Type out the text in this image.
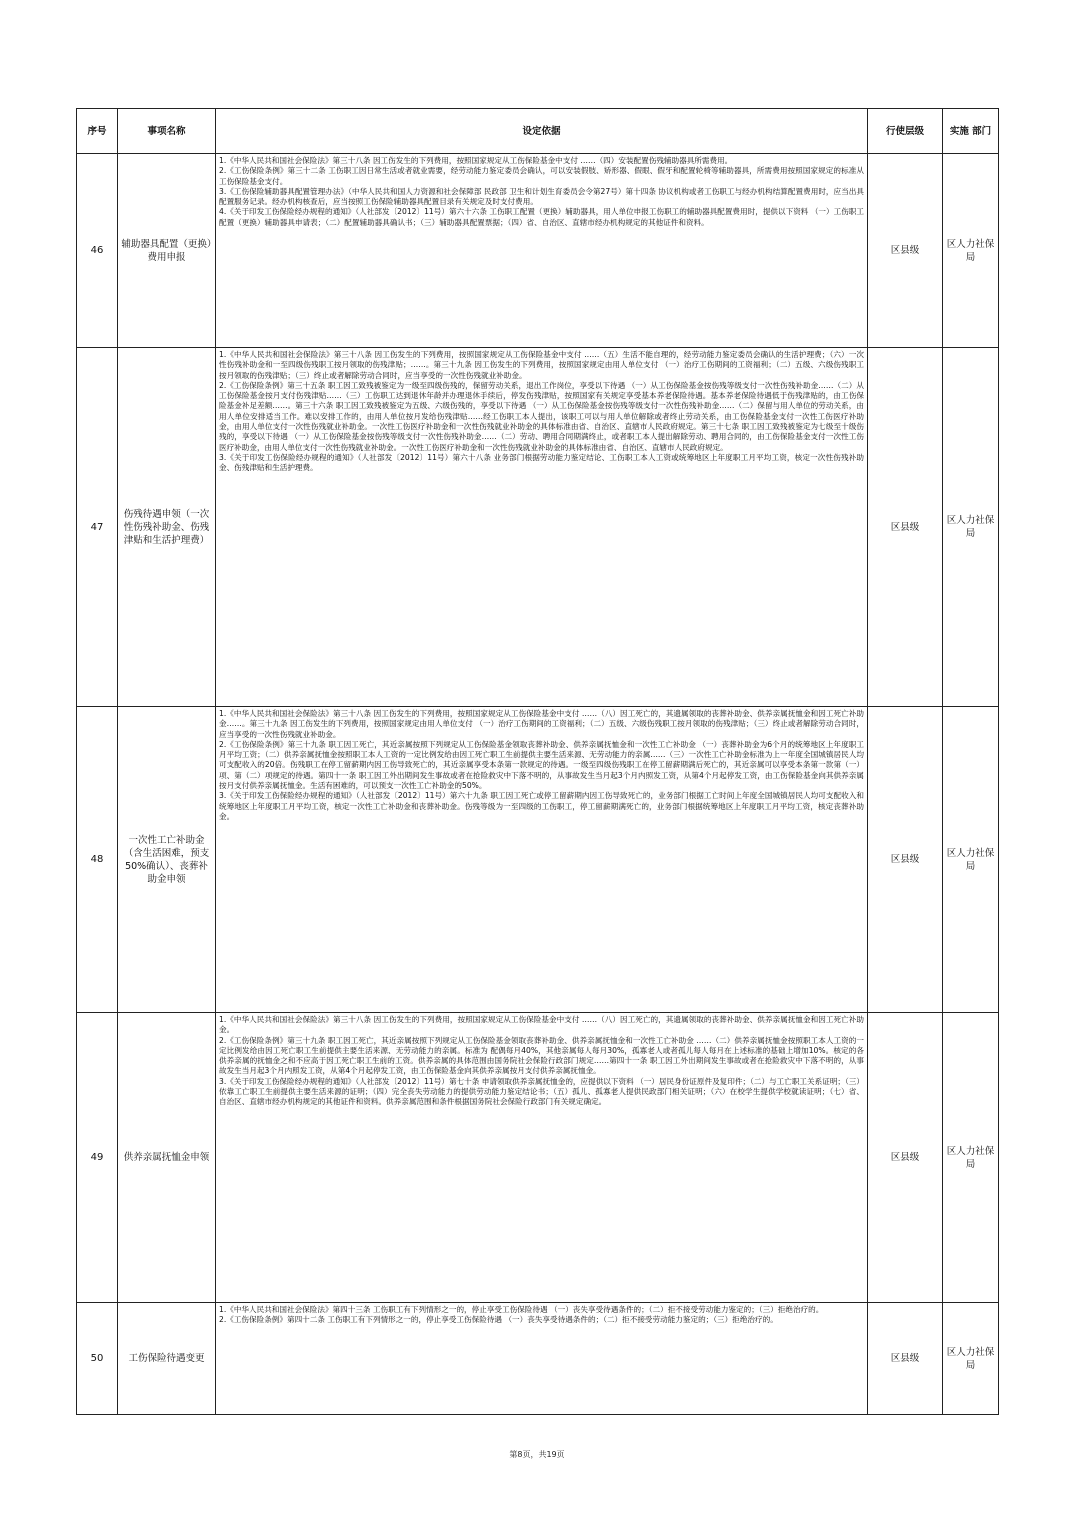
序号	事项名称	设定依据	行使层级	实施 部门
46	辅助器具配置（更换）费用申报	1.《中华人民共和国社会保险法》第三十八条 因工伤发生的下列费用，按照国家规定从工伤保险基金中支付 ……（四）安装配置伤残辅助器具所需费用。

2.《工伤保险条例》第三十二条 工伤职工因日常生活或者就业需要，经劳动能力鉴定委员会确认，可以安装假肢、矫形器、假眼、假牙和配置轮椅等辅助器具，所需费用按照国家规定的标准从工伤保险基金支付。

3.《工伤保险辅助器具配置管理办法》（中华人民共和国人力资源和社会保障部 民政部 卫生和计划生育委员会令第27号）第十四条 协议机构或者工伤职工与经办机构结算配置费用时，应当出具配置服务记录。经办机构核查后，应当按照工伤保险辅助器具配置目录有关规定及时支付费用。

4.《关于印发工伤保险经办规程的通知》（人社部发〔2012〕11号）第六十六条 工伤职工配置（更换）辅助器具，用人单位申报工伤职工的辅助器具配置费用时，提供以下资料 （一）工伤职工配置（更换）辅助器具申请表；（二）配置辅助器具确认书；（三）辅助器具配置票据；（四）省、自治区、直辖市经办机构规定的其他证件和资料。	区县级	区人力社保局
47	伤残待遇申领（一次性伤残补助金、伤残津贴和生活护理费）	1.《中华人民共和国社会保险法》第三十八条 因工伤发生的下列费用，按照国家规定从工伤保险基金中支付 ……（五）生活不能自理的，经劳动能力鉴定委员会确认的生活护理费；（六）一次性伤残补助金和一至四级伤残职工按月领取的伤残津贴；……。第三十九条 因工伤发生的下列费用，按照国家规定由用人单位支付 （一）治疗工伤期间的工资福利；（二）五级、六级伤残职工按月领取的伤残津贴；（三）终止或者解除劳动合同时，应当享受的一次性伤残就业补助金。

2.《工伤保险条例》第三十五条 职工因工致残被鉴定为一级至四级伤残的，保留劳动关系，退出工作岗位，享受以下待遇 （一）从工伤保险基金按伤残等级支付一次性伤残补助金……（二）从工伤保险基金按月支付伤残津贴……（三）工伤职工达到退休年龄并办理退休手续后，停发伤残津贴，按照国家有关规定享受基本养老保险待遇。基本养老保险待遇低于伤残津贴的，由工伤保险基金补足差额……。第三十六条 职工因工致残被鉴定为五级、六级伤残的，享受以下待遇 （一）从工伤保险基金按伤残等级支付一次性伤残补助金……（二）保留与用人单位的劳动关系，由用人单位安排适当工作。难以安排工作的，由用人单位按月发给伤残津贴……经工伤职工本人提出，该职工可以与用人单位解除或者终止劳动关系，由工伤保险基金支付一次性工伤医疗补助金，由用人单位支付一次性伤残就业补助金。一次性工伤医疗补助金和一次性伤残就业补助金的具体标准由省、自治区、直辖市人民政府规定。第三十七条 职工因工致残被鉴定为七级至十级伤残的，享受以下待遇 （一）从工伤保险基金按伤残等级支付一次性伤残补助金……（二）劳动、聘用合同期满终止，或者职工本人提出解除劳动、聘用合同的，由工伤保险基金支付一次性工伤医疗补助金，由用人单位支付一次性伤残就业补助金。一次性工伤医疗补助金和一次性伤残就业补助金的具体标准由省、自治区、直辖市人民政府规定。

3.《关于印发工伤保险经办规程的通知》（人社部发〔2012〕11号）第六十八条 业务部门根据劳动能力鉴定结论、工伤职工本人工资或统筹地区上年度职工月平均工资，核定一次性伤残补助金、伤残津贴和生活护理费。	区县级	区人力社保局
48	一次性工亡补助金（含生活困难，预支50%确认）、丧葬补助金申领	1.《中华人民共和国社会保险法》第三十八条 因工伤发生的下列费用，按照国家规定从工伤保险基金中支付 ……（八）因工死亡的，其遗属领取的丧葬补助金、供养亲属抚恤金和因工死亡补助金……。第三十九条 因工伤发生的下列费用，按照国家规定由用人单位支付 （一）治疗工伤期间的工资福利；（二）五级、六级伤残职工按月领取的伤残津贴；（三）终止或者解除劳动合同时，应当享受的一次性伤残就业补助金。

2.《工伤保险条例》第三十九条 职工因工死亡，其近亲属按照下列规定从工伤保险基金领取丧葬补助金、供养亲属抚恤金和一次性工亡补助金 （一）丧葬补助金为6个月的统筹地区上年度职工月平均工资；（二）供养亲属抚恤金按照职工本人工资的一定比例发给由因工死亡职工生前提供主要生活来源、无劳动能力的亲属……（三）一次性工亡补助金标准为上一年度全国城镇居民人均可支配收入的20倍。伤残职工在停工留薪期内因工伤导致死亡的，其近亲属享受本条第一款规定的待遇。一级至四级伤残职工在停工留薪期满后死亡的，其近亲属可以享受本条第一款第（一）项、第（二）项规定的待遇。第四十一条 职工因工外出期间发生事故或者在抢险救灾中下落不明的，从事故发生当月起3个月内照发工资，从第4个月起停发工资，由工伤保险基金向其供养亲属按月支付供养亲属抚恤金。生活有困难的，可以预支一次性工亡补助金的50%。

3.《关于印发工伤保险经办规程的通知》（人社部发〔2012〕11号）第六十九条 职工因工死亡或停工留薪期内因工伤导致死亡的，业务部门根据工亡时间上年度全国城镇居民人均可支配收入和统筹地区上年度职工月平均工资，核定一次性工亡补助金和丧葬补助金。伤残等级为一至四级的工伤职工，停工留薪期满死亡的，业务部门根据统筹地区上年度职工月平均工资，核定丧葬补助金。	区县级	区人力社保局
49	供养亲属抚恤金申领	1.《中华人民共和国社会保险法》第三十八条 因工伤发生的下列费用，按照国家规定从工伤保险基金中支付 ……（八）因工死亡的，其遗属领取的丧葬补助金、供养亲属抚恤金和因工死亡补助金。

2.《工伤保险条例》第三十九条 职工因工死亡，其近亲属按照下列规定从工伤保险基金领取丧葬补助金、供养亲属抚恤金和一次性工亡补助金 ……（二）供养亲属抚恤金按照职工本人工资的一定比例发给由因工死亡职工生前提供主要生活来源、无劳动能力的亲属。标准为 配偶每月40%，其他亲属每人每月30%，孤寡老人或者孤儿每人每月在上述标准的基础上增加10%。核定的各供养亲属的抚恤金之和不应高于因工死亡职工生前的工资。供养亲属的具体范围由国务院社会保险行政部门规定……第四十一条 职工因工外出期间发生事故或者在抢险救灾中下落不明的，从事故发生当月起3个月内照发工资，从第4个月起停发工资，由工伤保险基金向其供养亲属按月支付供养亲属抚恤金。

3.《关于印发工伤保险经办规程的通知》（人社部发〔2012〕11号）第七十条 申请领取供养亲属抚恤金的，应提供以下资料 （一）居民身份证原件及复印件；（二）与工亡职工关系证明；（三）依靠工亡职工生前提供主要生活来源的证明；（四）完全丧失劳动能力的提供劳动能力鉴定结论书；（五）孤儿、孤寡老人提供民政部门相关证明；（六）在校学生提供学校就读证明；（七）省、自治区、直辖市经办机构规定的其他证件和资料。供养亲属范围和条件根据国务院社会保险行政部门有关规定确定。	区县级	区人力社保局
50	工伤保险待遇变更	1.《中华人民共和国社会保险法》第四十三条 工伤职工有下列情形之一的，停止享受工伤保险待遇 （一）丧失享受待遇条件的；（二）拒不接受劳动能力鉴定的；（三）拒绝治疗的。

2.《工伤保险条例》第四十二条 工伤职工有下列情形之一的，停止享受工伤保险待遇 （一）丧失享受待遇条件的；（二）拒不接受劳动能力鉴定的；（三）拒绝治疗的。	区县级	区人力社保局
第8页，共19页
